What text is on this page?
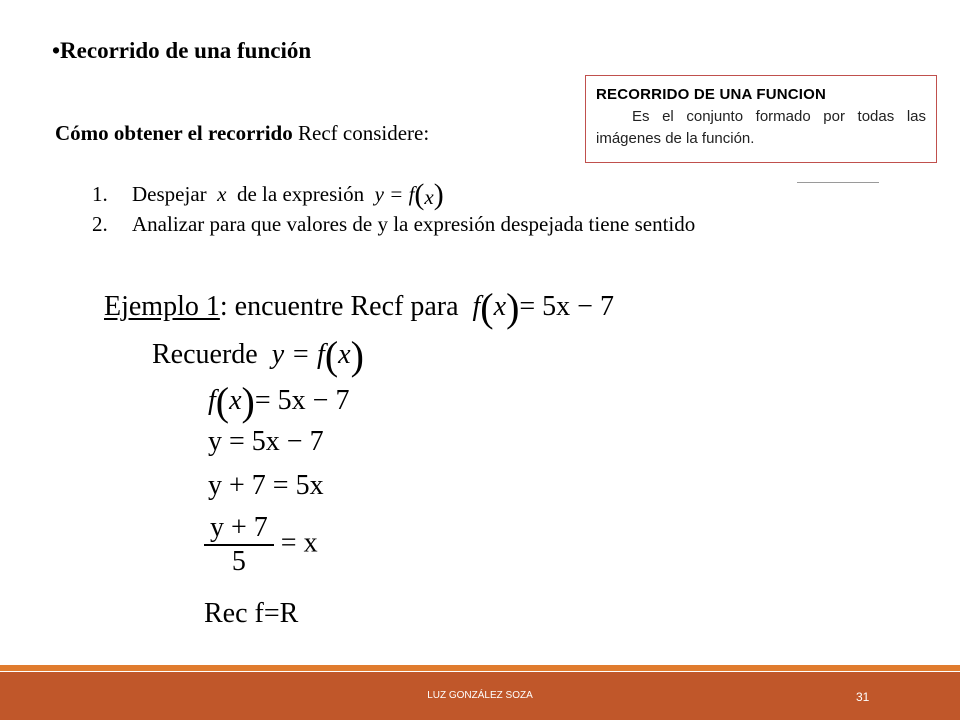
•Recorrido de una función
RECORRIDO DE UNA FUNCION
Es el conjunto formado por todas las imágenes de la función.
Cómo obtener el recorrido Recf considere:
1. Despejar x de la expresión y = f(x)
2. Analizar para que valores de y la expresión despejada tiene sentido
Ejemplo 1: encuentre Recf para f(x)= 5x − 7
Recuerde y = f(x)
f(x)= 5x − 7
y = 5x − 7
y + 7 = 5x
$\frac{y + 7}{5} = x$
Rec f=R
LUZ GONZÁLEZ SOZA	31
